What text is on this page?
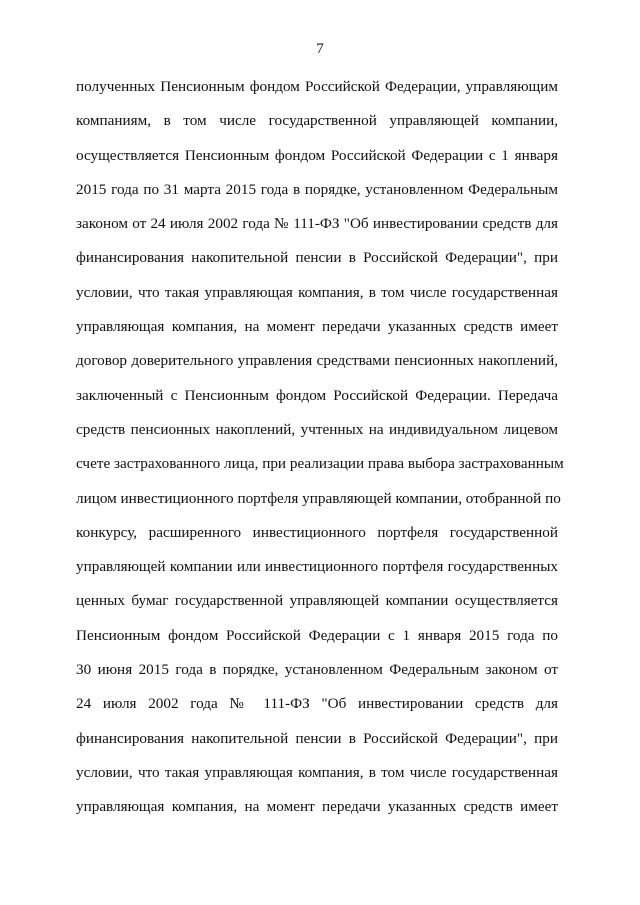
7
полученных Пенсионным фондом Российской Федерации, управляющим
компаниям, в том числе государственной управляющей компании,
осуществляется Пенсионным фондом Российской Федерации с 1 января
2015 года по 31 марта 2015 года в порядке, установленном Федеральным
законом от 24 июля 2002 года № 111-ФЗ "Об инвестировании средств для
финансирования накопительной пенсии в Российской Федерации", при
условии, что такая управляющая компания, в том числе государственная
управляющая компания, на момент передачи указанных средств имеет
договор доверительного управления средствами пенсионных накоплений,
заключенный с Пенсионным фондом Российской Федерации. Передача
средств пенсионных накоплений, учтенных на индивидуальном лицевом
счете застрахованного лица, при реализации права выбора застрахованным
лицом инвестиционного портфеля управляющей компании, отобранной по
конкурсу, расширенного инвестиционного портфеля государственной
управляющей компании или инвестиционного портфеля государственных
ценных бумаг государственной управляющей компании осуществляется
Пенсионным фондом Российской Федерации с 1 января 2015 года по
30 июня 2015 года в порядке, установленном Федеральным законом от
24 июля 2002 года № 111-ФЗ "Об инвестировании средств для
финансирования накопительной пенсии в Российской Федерации", при
условии, что такая управляющая компания, в том числе государственная
управляющая компания, на момент передачи указанных средств имеет
